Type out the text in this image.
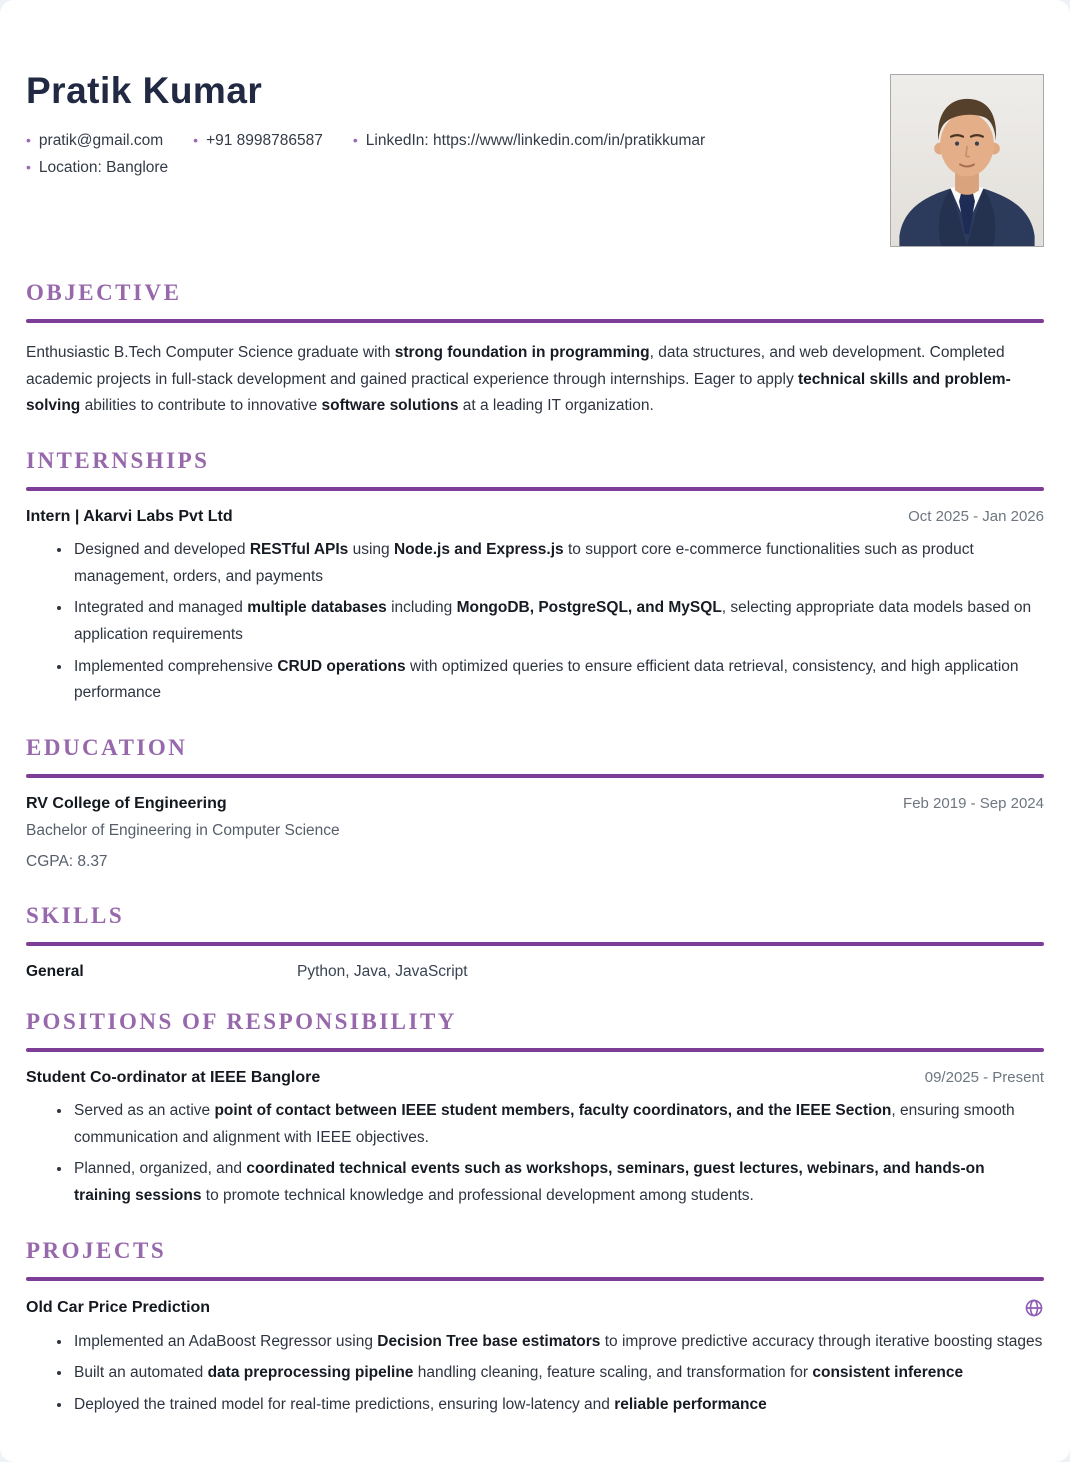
Pratik Kumar
• pratik@gmail.com • +91 8998786587 • LinkedIn: https://www/linkedin.com/in/pratikkumar
• Location: Banglore
OBJECTIVE

Enthusiastic B.Tech Computer Science graduate with strong foundation in programming, data structures, and web development. Completed academic projects in full-stack development and gained practical experience through internships. Eager to apply technical skills and problem-solving abilities to contribute to innovative software solutions at a leading IT organization.

INTERNSHIPS
Intern | Akarvi Labs Pvt Ltd	Oct 2025 - Jan 2026
• Designed and developed RESTful APIs using Node.js and Express.js to support core e-commerce functionalities such as product management, orders, and payments
• Integrated and managed multiple databases including MongoDB, PostgreSQL, and MySQL, selecting appropriate data models based on application requirements
• Implemented comprehensive CRUD operations with optimized queries to ensure efficient data retrieval, consistency, and high application performance
EDUCATION
RV College of Engineering	Feb 2019 - Sep 2024
Bachelor of Engineering in Computer Science
CGPA: 8.37
SKILLS
General	Python, Java, JavaScript
POSITIONS OF RESPONSIBILITY
Student Co-ordinator at IEEE Banglore	09/2025 - Present
• Served as an active point of contact between IEEE student members, faculty coordinators, and the IEEE Section, ensuring smooth communication and alignment with IEEE objectives.
• Planned, organized, and coordinated technical events such as workshops, seminars, guest lectures, webinars, and hands-on training sessions to promote technical knowledge and professional development among students.
PROJECTS
Old Car Price Prediction
• Implemented an AdaBoost Regressor using Decision Tree base estimators to improve predictive accuracy through iterative boosting stages
• Built an automated data preprocessing pipeline handling cleaning, feature scaling, and transformation for consistent inference
• Deployed the trained model for real-time predictions, ensuring low-latency and reliable performance
